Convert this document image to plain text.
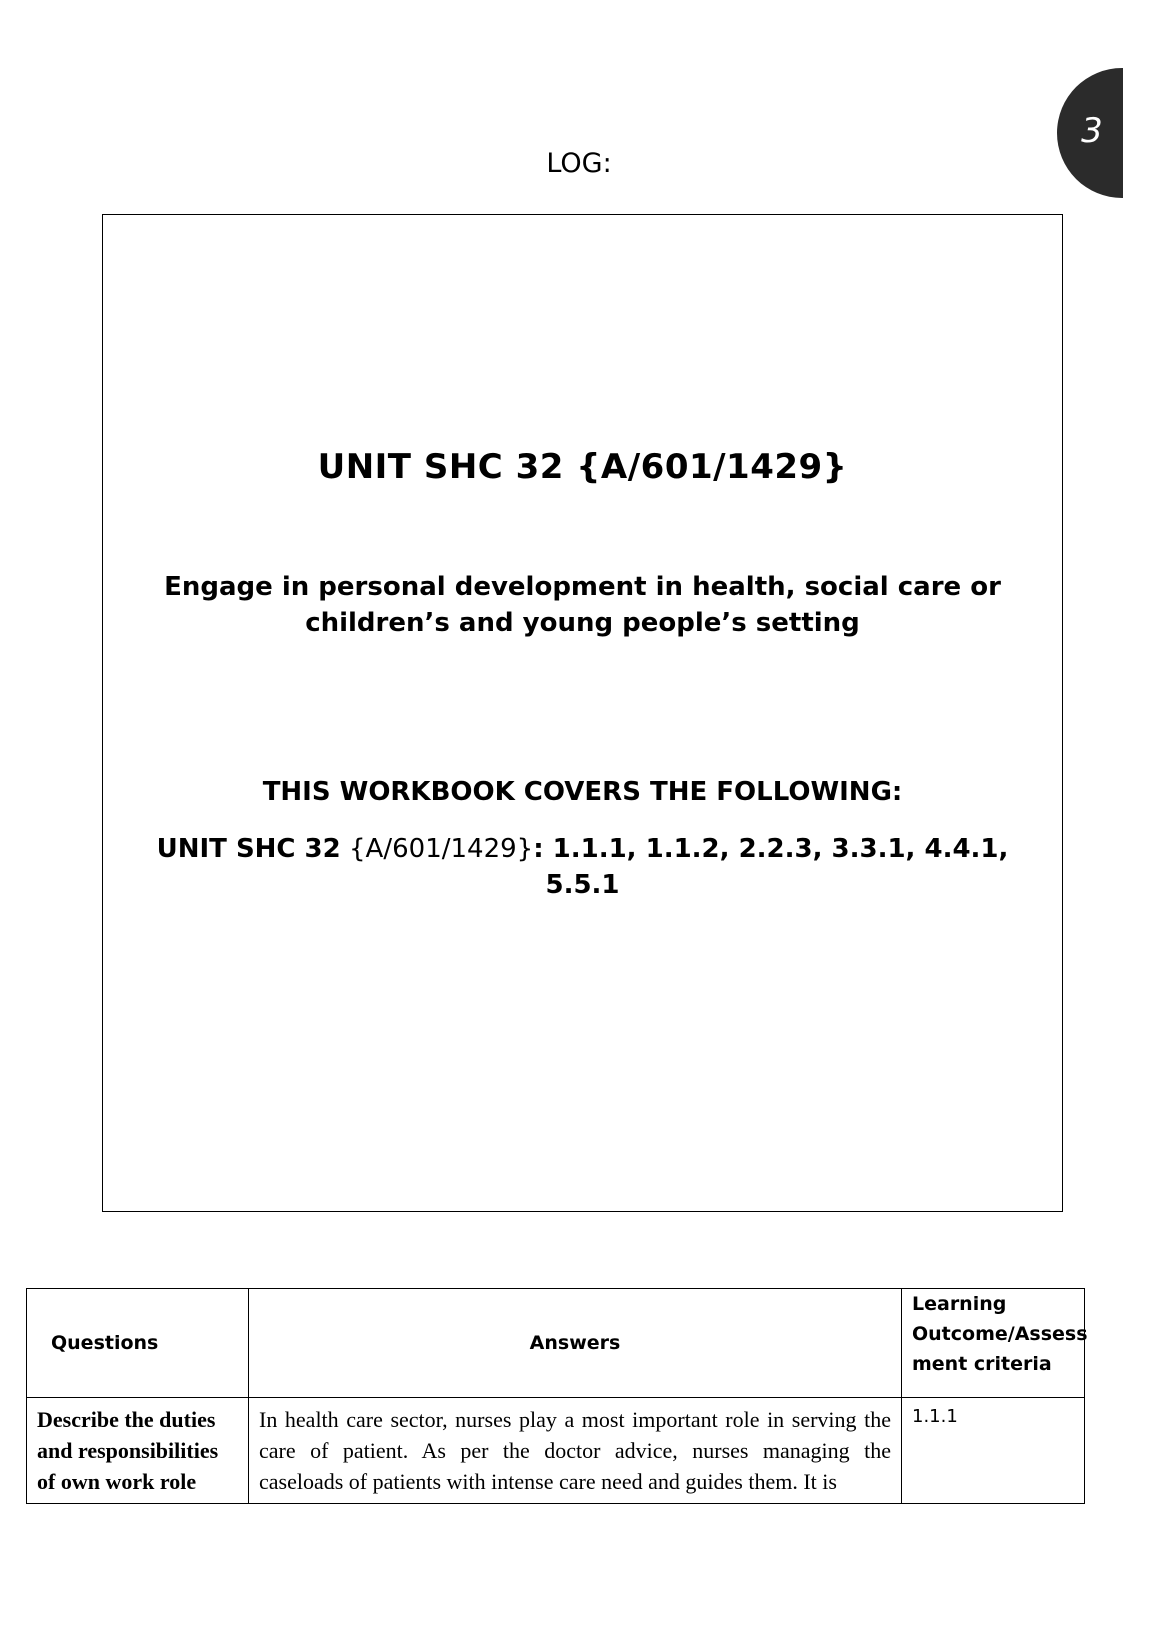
3
LOG:
UNIT SHC 32 {A/601/1429}
Engage in personal development in health, social care or children’s and young people’s setting
THIS WORKBOOK COVERS THE FOLLOWING:
UNIT SHC 32 {A/601/1429}: 1.1.1, 1.1.2, 2.2.3, 3.3.1, 4.4.1, 5.5.1
Questions	Answers	Learning Outcome/Assess ment criteria
Describe the duties and responsibilities of own work role	In health care sector, nurses play a most important role in serving the care of patient. As per the doctor advice, nurses managing the caseloads of patients with intense care need and guides them. It is	1.1.1
